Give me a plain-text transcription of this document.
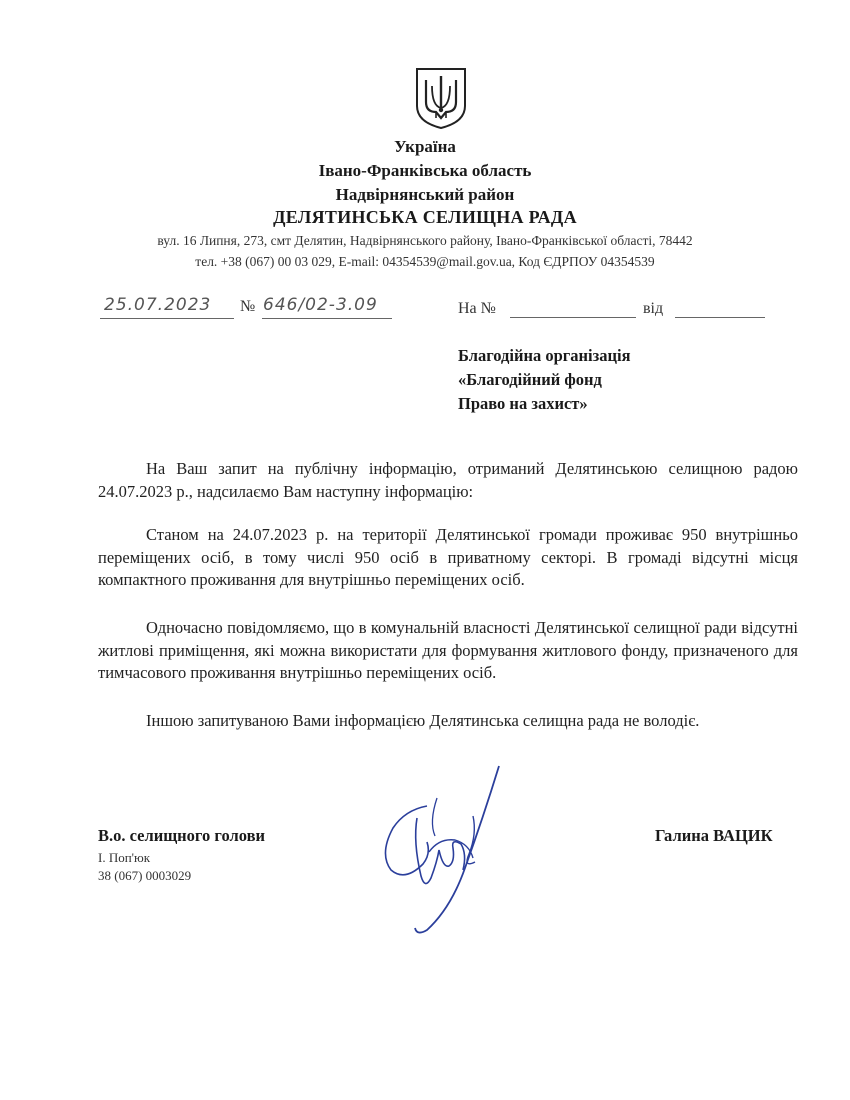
Україна
Івано-Франківська область
Надвірнянський район
ДЕЛЯТИНСЬКА СЕЛИЩНА РАДА
вул. 16 Липня, 273, смт Делятин, Надвірнянського району, Івано-Франківської області, 78442
тел. +38 (067) 00 03 029, E-mail: 04354539@mail.gov.ua, Код ЄДРПОУ 04354539
25.07.2023 № 646/02-3.09	На №	від
Благодійна організація
«Благодійний фонд
Право на захист»
На Ваш запит на публічну інформацію, отриманий Делятинською селищною радою 24.07.2023 р., надсилаємо Вам наступну інформацію:
Станом на 24.07.2023 р. на території Делятинської громади проживає 950 внутрішньо переміщених осіб, в тому числі 950 осіб в приватному секторі. В громаді відсутні місця компактного проживання для внутрішньо переміщених осіб.
Одночасно повідомляємо, що в комунальній власності Делятинської селищної ради відсутні житлові приміщення, які можна використати для формування житлового фонду, призначеного для тимчасового проживання внутрішньо переміщених осіб.
Іншою запитуваною Вами інформацією Делятинська селищна рада не володіє.
В.о. селищного голови
І. Поп'юк
38 (067) 0003029
Галина ВАЦИК
